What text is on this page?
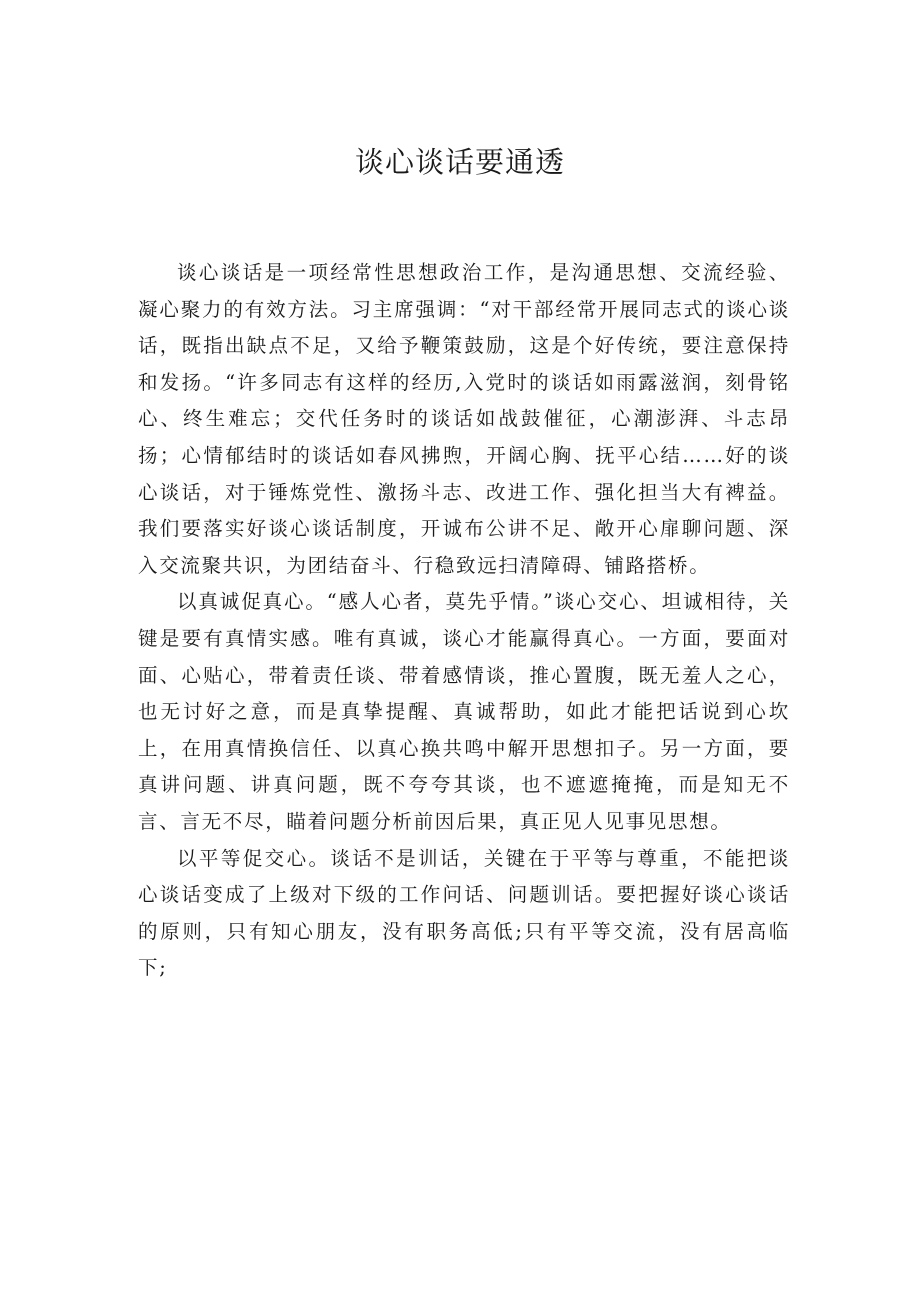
谈心谈话要通透

谈心谈话是一项经常性思想政治工作，是沟通思想、交流经验、凝心聚力的有效方法。习主席强调：“对干部经常开展同志式的谈心谈话，既指出缺点不足，又给予鞭策鼓励，这是个好传统，要注意保持和发扬。“许多同志有这样的经历,入党时的谈话如雨露滋润，刻骨铭心、终生难忘；交代任务时的谈话如战鼓催征，心潮澎湃、斗志昂扬；心情郁结时的谈话如春风拂煦，开阔心胸、抚平心结……好的谈心谈话，对于锤炼党性、激扬斗志、改进工作、强化担当大有裨益。我们要落实好谈心谈话制度，开诚布公讲不足、敞开心扉聊问题、深入交流聚共识，为团结奋斗、行稳致远扫清障碍、铺路搭桥。

以真诚促真心。“感人心者，莫先乎情。”谈心交心、坦诚相待，关键是要有真情实感。唯有真诚，谈心才能赢得真心。一方面，要面对面、心贴心，带着责任谈、带着感情谈，推心置腹，既无羞人之心，也无讨好之意，而是真挚提醒、真诚帮助，如此才能把话说到心坎上，在用真情换信任、以真心换共鸣中解开思想扣子。另一方面，要真讲问题、讲真问题，既不夸夸其谈，也不遮遮掩掩，而是知无不言、言无不尽，瞄着问题分析前因后果，真正见人见事见思想。

以平等促交心。谈话不是训话，关键在于平等与尊重，不能把谈心谈话变成了上级对下级的工作问话、问题训话。要把握好谈心谈话的原则，只有知心朋友，没有职务高低;只有平等交流，没有居高临下;
